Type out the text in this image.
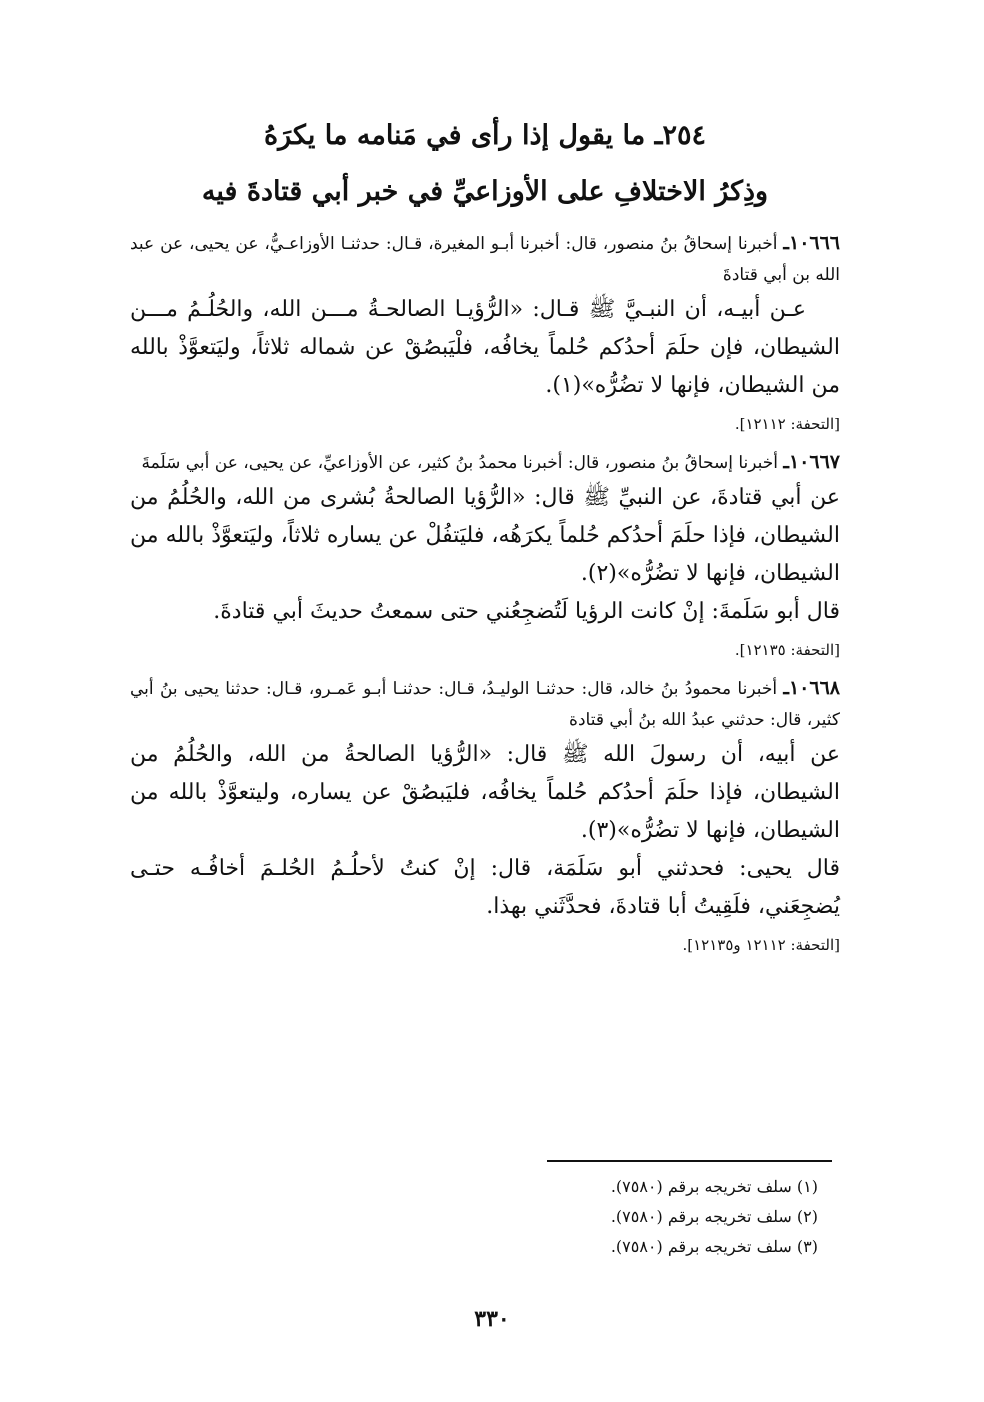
٢٥٤ـ ما يقول إذا رأى في مَنامه ما يكرَهُ
وذِكرُ الاختلافِ على الأوزاعيِّ في خبر أبي قتادةَ فيه

١٠٦٦٦ـ أخبرنا إسحاقُ بنُ منصور، قال: أخبرنا أبـو المغيرة، قـال: حدثنـا الأوزاعـيُّ، عن يحيى، عن عبد الله بن أبي قتادةَ

عـن أبيـه، أن النبـيَّ ﷺ قـال: «الرُّؤيـا الصالحـةُ مـــن الله، والحُلُـمُ مـــن الشيطان، فإن حلَمَ أحدُكم حُلماً يخافُه، فلْيَبصُقْ عن شماله ثلاثاً، وليَتعوَّذْ بالله من الشيطان، فإنها لا تضُرُّه»(١).

[التحفة: ١٢١١٢].

١٠٦٦٧ـ أخبرنا إسحاقُ بنُ منصور، قال: أخبرنا محمدُ بنُ كثير، عن الأوزاعيِّ، عن يحيى، عن أبي سَلَمةَ

عن أبي قتادةَ، عن النبيِّ ﷺ قال: «الرُّؤيا الصالحةُ بُشرى من الله، والحُلُمُ من الشيطان، فإذا حلَمَ أحدُكم حُلماً يكرَهُه، فليَتفُلْ عن يساره ثلاثاً، وليَتعوَّذْ بالله من الشيطان، فإنها لا تضُرُّه»(٢).

قال أبو سَلَمةَ: إنْ كانت الرؤيا لَتُضجِعُني حتى سمعتُ حديثَ أبي قتادةَ.

[التحفة: ١٢١٣٥].

١٠٦٦٨ـ أخبرنا محمودُ بنُ خالد، قال: حدثنـا الوليـدُ، قـال: حدثنـا أبـو عَمـرو، قـال: حدثنا يحيى بنُ أبي كثير، قال: حدثني عبدُ الله بنُ أبي قتادة

عن أبيه، أن رسولَ الله ﷺ قال: «الرُّؤيا الصالحةُ من الله، والحُلُمُ من الشيطان، فإذا حلَمَ أحدُكم حُلماً يخافُه، فليَبصُقْ عن يساره، وليتعوَّذْ بالله من الشيطان، فإنها لا تضُرُّه»(٣).

قال يحيى: فحدثني أبو سَلَمَة، قال: إنْ كنتُ لأحلُـمُ الحُلـمَ أخافُـه حتـى يُضجِعَني، فلَقِيتُ أبا قتادةَ، فحدَّثَني بهذا.

[التحفة: ١٢١١٢ و١٢١٣٥].
(١) سلف تخريجه برقم (٧٥٨٠).
(٢) سلف تخريجه برقم (٧٥٨٠).
(٣) سلف تخريجه برقم (٧٥٨٠).
٣٣٠
